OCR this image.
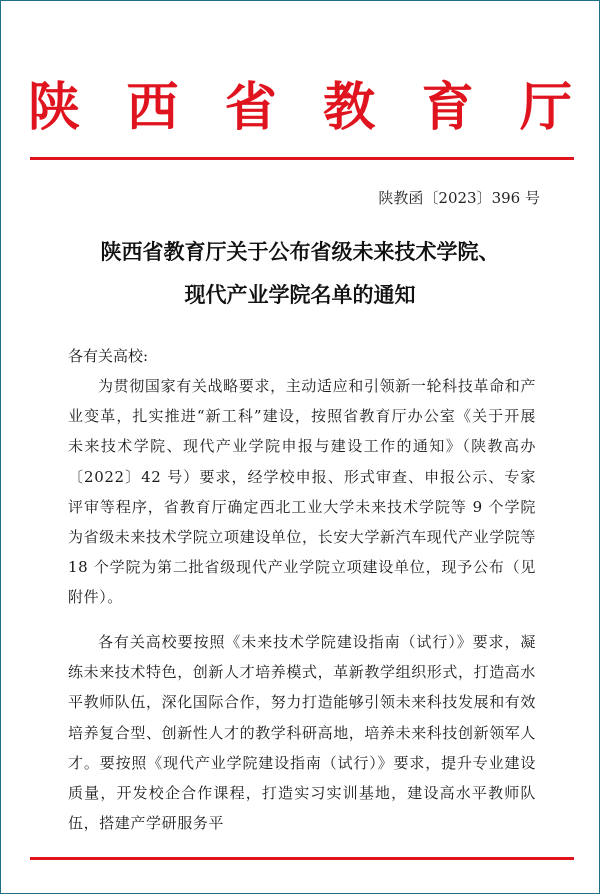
陕 西 省 教 育 厅
陕教函〔2023〕396 号
陕西省教育厅关于公布省级未来技术学院、
现代产业学院名单的通知
各有关高校:
为贯彻国家有关战略要求，主动适应和引领新一轮科技革命和产业变革，扎实推进“新工科”建设，按照省教育厅办公室《关于开展未来技术学院、现代产业学院申报与建设工作的通知》（陕教高办〔2022〕42 号）要求，经学校申报、形式审查、申报公示、专家评审等程序，省教育厅确定西北工业大学未来技术学院等 9 个学院为省级未来技术学院立项建设单位，长安大学新汽车现代产业学院等 18 个学院为第二批省级现代产业学院立项建设单位，现予公布（见附件）。
各有关高校要按照《未来技术学院建设指南（试行）》要求，凝练未来技术特色，创新人才培养模式，革新教学组织形式，打造高水平教师队伍，深化国际合作，努力打造能够引领未来科技发展和有效培养复合型、创新性人才的教学科研高地，培养未来科技创新领军人才。要按照《现代产业学院建设指南（试行）》要求，提升专业建设质量，开发校企合作课程，打造实习实训基地，建设高水平教师队伍，搭建产学研服务平
